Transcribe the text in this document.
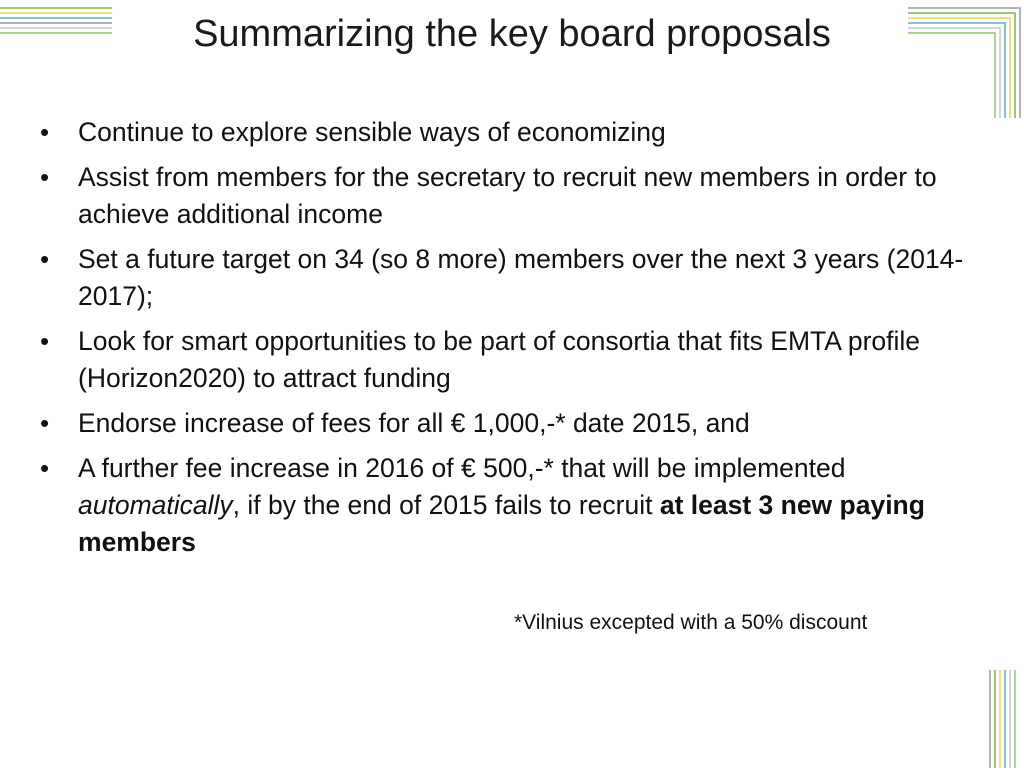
Summarizing the key board proposals
•	Continue to explore sensible ways of economizing
•	Assist from members for the secretary to recruit new members in order to achieve additional income
•	Set a future target on 34 (so 8 more) members over the next 3 years (2014-2017);
•	Look for smart opportunities to be part of consortia that fits EMTA profile (Horizon2020) to attract funding
•	Endorse increase of fees for all € 1,000,-* date 2015, and
•	A further fee increase in 2016 of € 500,-* that will be implemented automatically, if by the end of 2015 fails to recruit at least 3 new paying members
*Vilnius excepted with a 50% discount
